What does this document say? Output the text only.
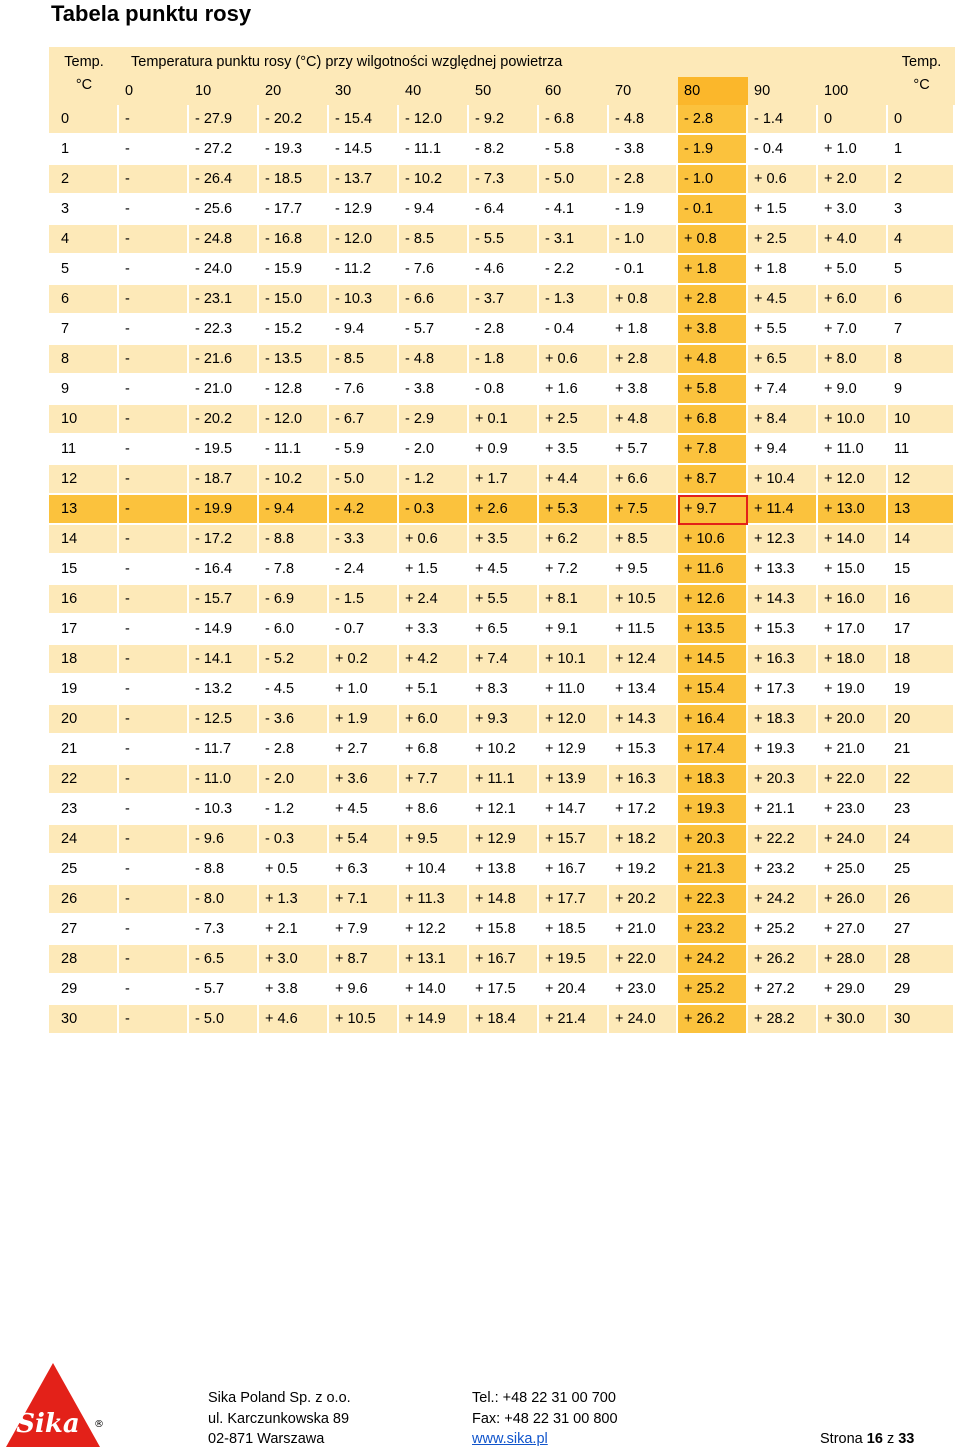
Tabela punktu rosy
Temp.	Temperatura punktu rosy (°C) przy wilgotności względnej powietrza											Temp.
°C	0	10	20	30	40	50	60	70	80	90	100	°C
0	-	- 27.9	- 20.2	- 15.4	- 12.0	- 9.2	- 6.8	- 4.8	- 2.8	- 1.4	0	0
1	-	- 27.2	- 19.3	- 14.5	- 11.1	- 8.2	- 5.8	- 3.8	- 1.9	- 0.4	+ 1.0	1
2	-	- 26.4	- 18.5	- 13.7	- 10.2	- 7.3	- 5.0	- 2.8	- 1.0	+ 0.6	+ 2.0	2
3	-	- 25.6	- 17.7	- 12.9	- 9.4	- 6.4	- 4.1	- 1.9	- 0.1	+ 1.5	+ 3.0	3
4	-	- 24.8	- 16.8	- 12.0	- 8.5	- 5.5	- 3.1	- 1.0	+ 0.8	+ 2.5	+ 4.0	4
5	-	- 24.0	- 15.9	- 11.2	- 7.6	- 4.6	- 2.2	- 0.1	+ 1.8	+ 1.8	+ 5.0	5
6	-	- 23.1	- 15.0	- 10.3	- 6.6	- 3.7	- 1.3	+ 0.8	+ 2.8	+ 4.5	+ 6.0	6
7	-	- 22.3	- 15.2	- 9.4	- 5.7	- 2.8	- 0.4	+ 1.8	+ 3.8	+ 5.5	+ 7.0	7
8	-	- 21.6	- 13.5	- 8.5	- 4.8	- 1.8	+ 0.6	+ 2.8	+ 4.8	+ 6.5	+ 8.0	8
9	-	- 21.0	- 12.8	- 7.6	- 3.8	- 0.8	+ 1.6	+ 3.8	+ 5.8	+ 7.4	+ 9.0	9
10	-	- 20.2	- 12.0	- 6.7	- 2.9	+ 0.1	+ 2.5	+ 4.8	+ 6.8	+ 8.4	+ 10.0	10
11	-	- 19.5	- 11.1	- 5.9	- 2.0	+ 0.9	+ 3.5	+ 5.7	+ 7.8	+ 9.4	+ 11.0	11
12	-	- 18.7	- 10.2	- 5.0	- 1.2	+ 1.7	+ 4.4	+ 6.6	+ 8.7	+ 10.4	+ 12.0	12
13	-	- 19.9	- 9.4	- 4.2	- 0.3	+ 2.6	+ 5.3	+ 7.5	+ 9.7	+ 11.4	+ 13.0	13
14	-	- 17.2	- 8.8	- 3.3	+ 0.6	+ 3.5	+ 6.2	+ 8.5	+ 10.6	+ 12.3	+ 14.0	14
15	-	- 16.4	- 7.8	- 2.4	+ 1.5	+ 4.5	+ 7.2	+ 9.5	+ 11.6	+ 13.3	+ 15.0	15
16	-	- 15.7	- 6.9	- 1.5	+ 2.4	+ 5.5	+ 8.1	+ 10.5	+ 12.6	+ 14.3	+ 16.0	16
17	-	- 14.9	- 6.0	- 0.7	+ 3.3	+ 6.5	+ 9.1	+ 11.5	+ 13.5	+ 15.3	+ 17.0	17
18	-	- 14.1	- 5.2	+ 0.2	+ 4.2	+ 7.4	+ 10.1	+ 12.4	+ 14.5	+ 16.3	+ 18.0	18
19	-	- 13.2	- 4.5	+ 1.0	+ 5.1	+ 8.3	+ 11.0	+ 13.4	+ 15.4	+ 17.3	+ 19.0	19
20	-	- 12.5	- 3.6	+ 1.9	+ 6.0	+ 9.3	+ 12.0	+ 14.3	+ 16.4	+ 18.3	+ 20.0	20
21	-	- 11.7	- 2.8	+ 2.7	+ 6.8	+ 10.2	+ 12.9	+ 15.3	+ 17.4	+ 19.3	+ 21.0	21
22	-	- 11.0	- 2.0	+ 3.6	+ 7.7	+ 11.1	+ 13.9	+ 16.3	+ 18.3	+ 20.3	+ 22.0	22
23	-	- 10.3	- 1.2	+ 4.5	+ 8.6	+ 12.1	+ 14.7	+ 17.2	+ 19.3	+ 21.1	+ 23.0	23
24	-	- 9.6	- 0.3	+ 5.4	+ 9.5	+ 12.9	+ 15.7	+ 18.2	+ 20.3	+ 22.2	+ 24.0	24
25	-	- 8.8	+ 0.5	+ 6.3	+ 10.4	+ 13.8	+ 16.7	+ 19.2	+ 21.3	+ 23.2	+ 25.0	25
26	-	- 8.0	+ 1.3	+ 7.1	+ 11.3	+ 14.8	+ 17.7	+ 20.2	+ 22.3	+ 24.2	+ 26.0	26
27	-	- 7.3	+ 2.1	+ 7.9	+ 12.2	+ 15.8	+ 18.5	+ 21.0	+ 23.2	+ 25.2	+ 27.0	27
28	-	- 6.5	+ 3.0	+ 8.7	+ 13.1	+ 16.7	+ 19.5	+ 22.0	+ 24.2	+ 26.2	+ 28.0	28
29	-	- 5.7	+ 3.8	+ 9.6	+ 14.0	+ 17.5	+ 20.4	+ 23.0	+ 25.2	+ 27.2	+ 29.0	29
30	-	- 5.0	+ 4.6	+ 10.5	+ 14.9	+ 18.4	+ 21.4	+ 24.0	+ 26.2	+ 28.2	+ 30.0	30
Sika ®
Sika Poland Sp. z o.o.
ul. Karczunkowska 89
02-871 Warszawa
Tel.: +48 22 31 00 700
Fax: +48 22 31 00 800
www.sika.pl	Strona 16 z 33
